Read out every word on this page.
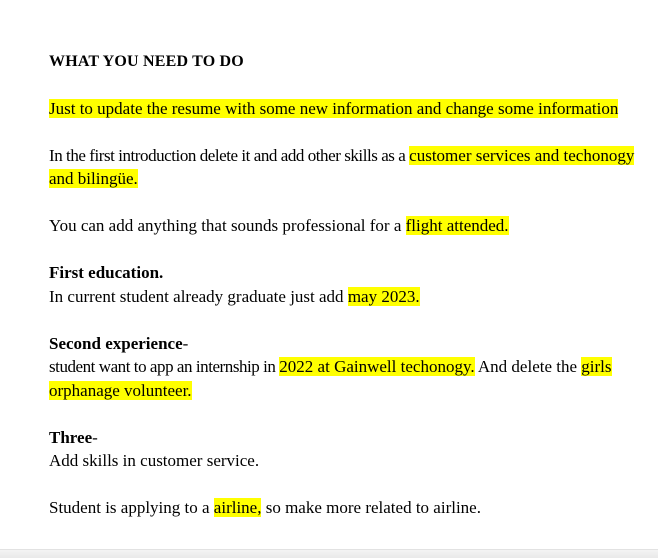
WHAT YOU NEED TO DO

Just to update the resume with some new information and change some information

In the first introduction delete it and add other skills as a customer services and techonogy and bilingüe.

You can add anything that sounds professional for a flight attended.

First education.
In current student already graduate just add may 2023.

Second experience-
student want to app an internship in 2022 at Gainwell techonogy. And delete the girls orphanage volunteer.

Three-
Add skills in customer service.

Student is applying to a airline, so make more related to airline.
